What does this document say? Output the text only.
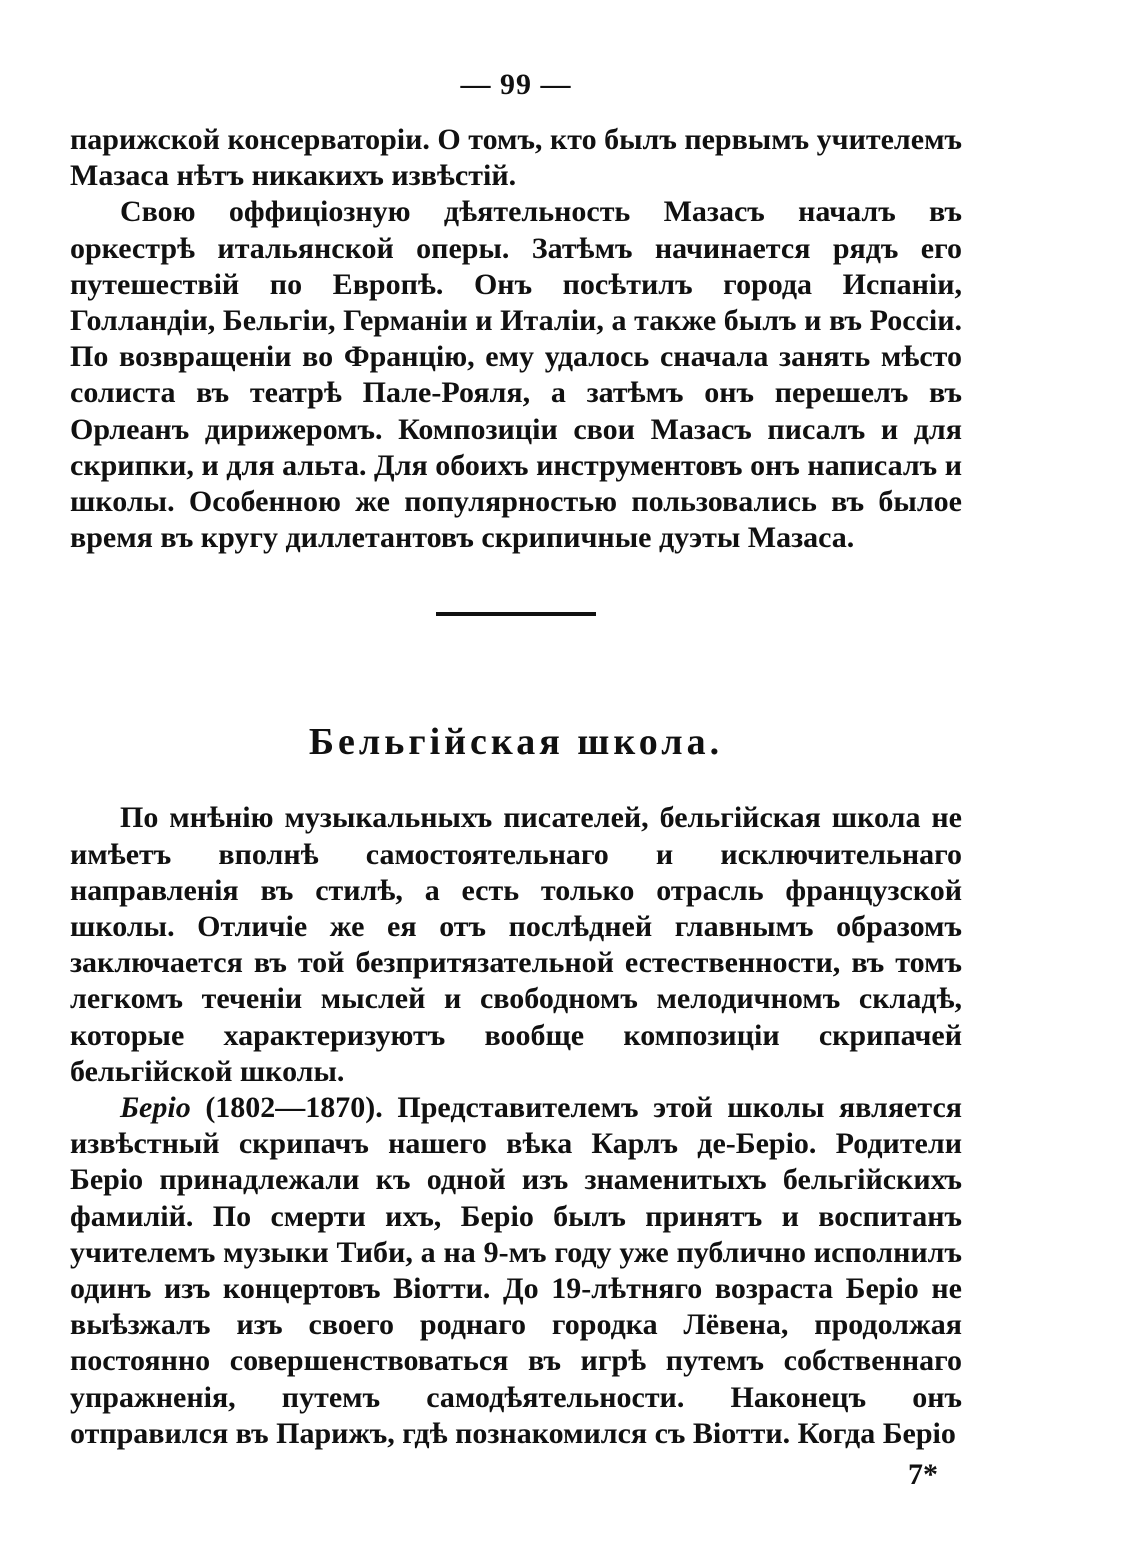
— 99 —

парижской консерваторіи. О томъ, кто былъ первымъ учителемъ Мазаса нѣтъ никакихъ извѣстій.

Свою оффиціозную дѣятельность Мазасъ началъ въ оркестрѣ итальянской оперы. Затѣмъ начинается рядъ его путешествій по Европѣ. Онъ посѣтилъ города Испаніи, Голландіи, Бельгіи, Германіи и Италіи, а также былъ и въ Россіи. По возвращеніи во Францію, ему удалось сначала занять мѣсто солиста въ театрѣ Пале-Рояля, а затѣмъ онъ перешелъ въ Орлеанъ дирижеромъ. Композиціи свои Мазасъ писалъ и для скрипки, и для альта. Для обоихъ инструментовъ онъ написалъ и школы. Особенною же популярностью пользовались въ былое время въ кругу диллетантовъ скрипичные дуэты Мазаса.

Бельгійская школа.

По мнѣнію музыкальныхъ писателей, бельгійская школа не имѣетъ вполнѣ самостоятельнаго и исключительнаго направленія въ стилѣ, а есть только отрасль французской школы. Отличіе же ея отъ послѣдней главнымъ образомъ заключается въ той безпритязательной естественности, въ томъ легкомъ теченіи мыслей и свободномъ мелодичномъ складѣ, которые характеризуютъ вообще композиціи скрипачей бельгійской школы.

Беріо (1802—1870). Представителемъ этой школы является извѣстный скрипачъ нашего вѣка Карлъ де-Беріо. Родители Беріо принадлежали къ одной изъ знаменитыхъ бельгійскихъ фамилій. По смерти ихъ, Беріо былъ принятъ и воспитанъ учителемъ музыки Тиби, а на 9-мъ году уже публично исполнилъ одинъ изъ концертовъ Віотти. До 19-лѣтняго возраста Беріо не выѣзжалъ изъ своего роднаго городка Лёвена, продолжая постоянно совершенствоваться въ игрѣ путемъ собственнаго упражненія, путемъ самодѣятельности. Наконецъ онъ отправился въ Парижъ, гдѣ познакомился съ Віотти. Когда Беріо

7*
